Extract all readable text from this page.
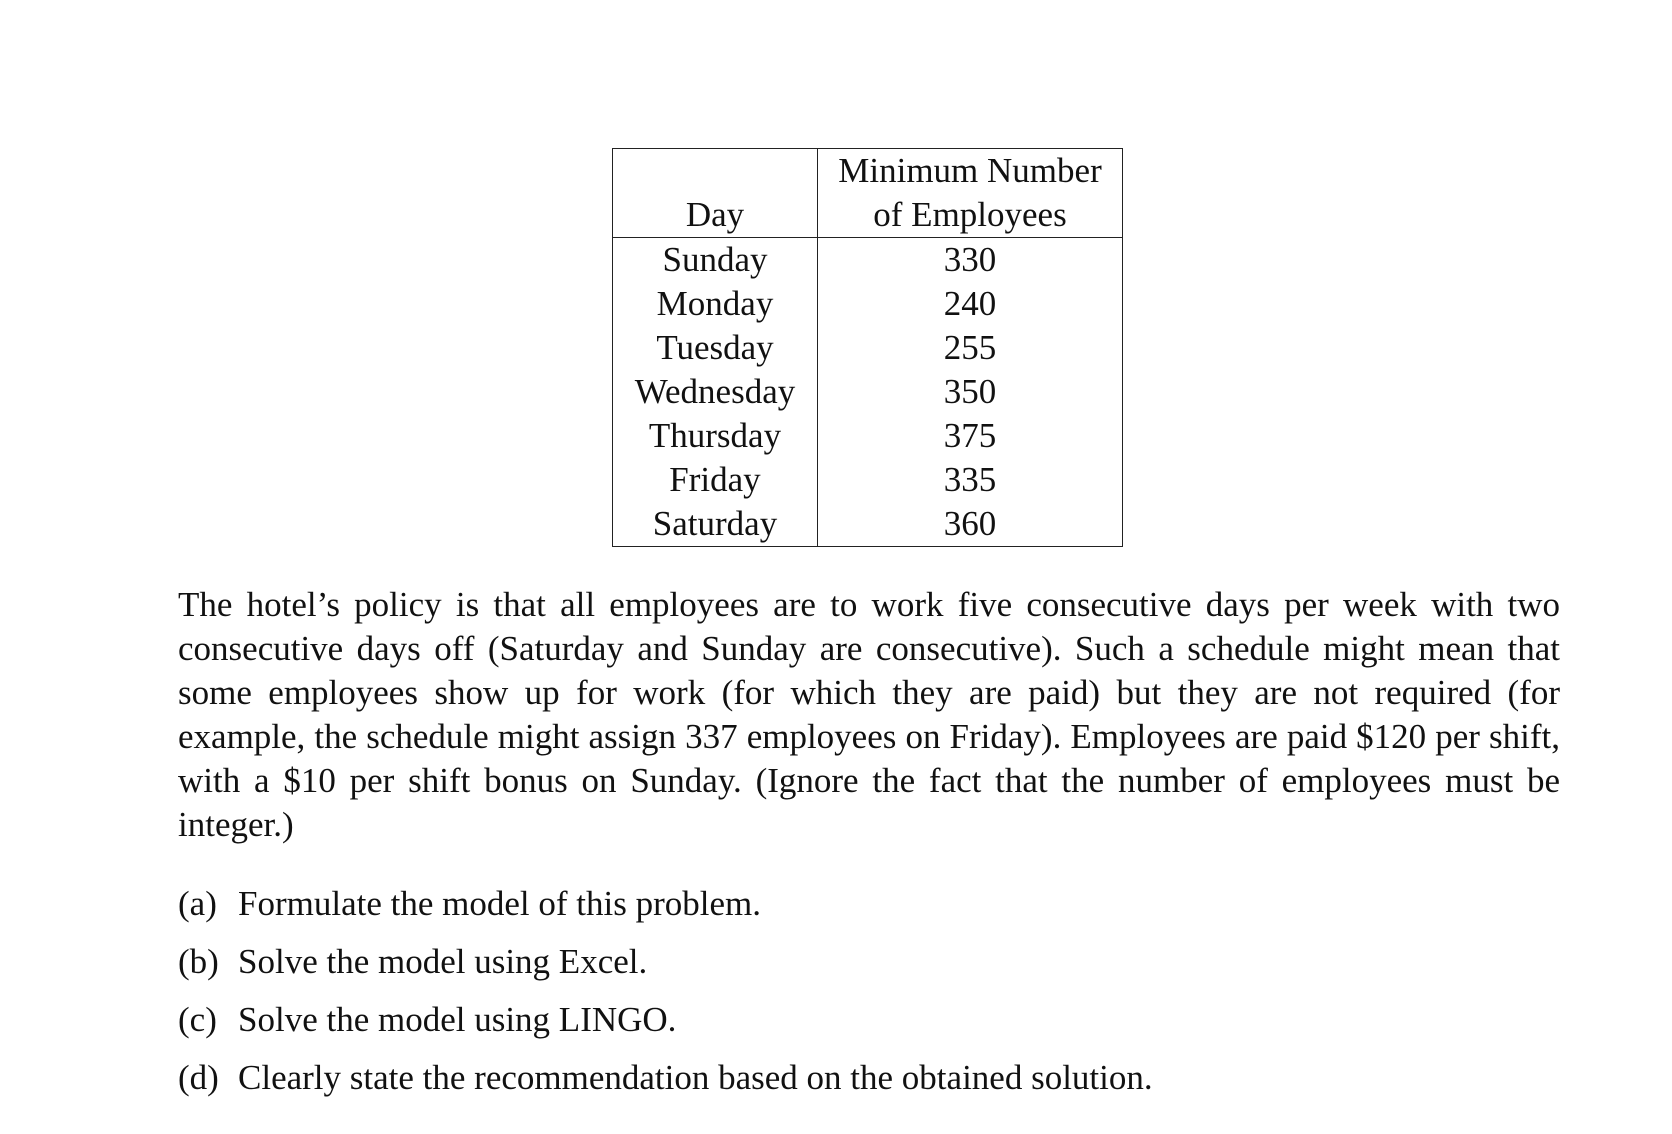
Day	Minimum Number
of Employees
Sunday	330
Monday	240
Tuesday	255
Wednesday	350
Thursday	375
Friday	335
Saturday	360

The hotel’s policy is that all employees are to work five consecutive days per week with two consecutive days off (Saturday and Sunday are consecutive). Such a schedule might mean that some employees show up for work (for which they are paid) but they are not required (for example, the schedule might assign 337 employees on Friday). Employees are paid $120 per shift, with a $10 per shift bonus on Sunday. (Ignore the fact that the number of employees must be integer.)

(a) Formulate the model of this problem.
(b) Solve the model using Excel.
(c) Solve the model using LINGO.
(d) Clearly state the recommendation based on the obtained solution.
